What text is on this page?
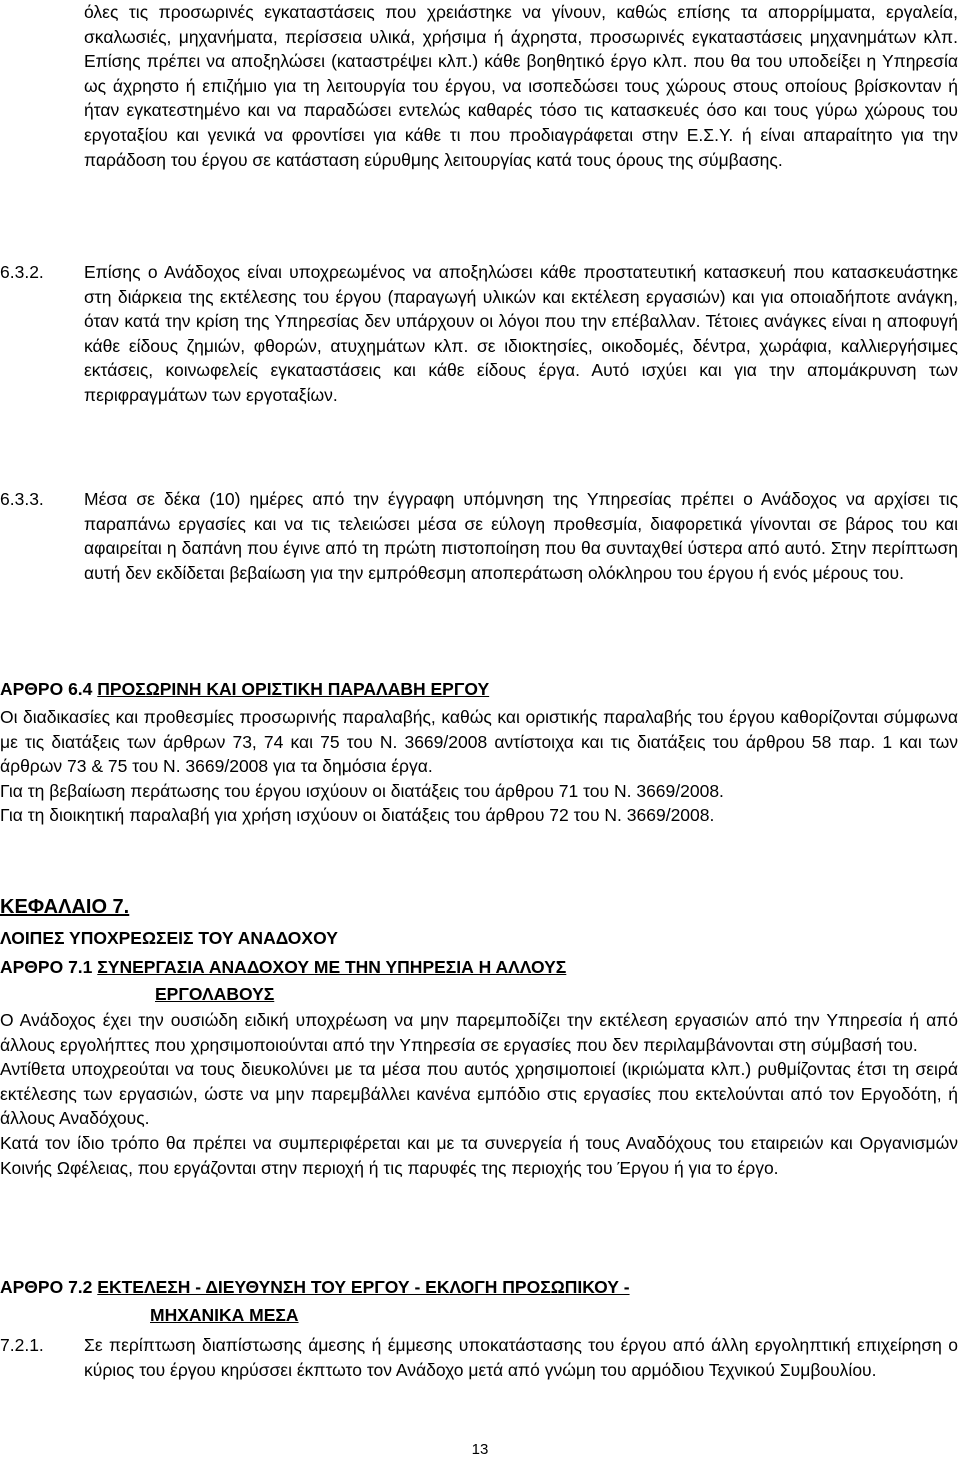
όλες τις προσωρινές εγκαταστάσεις που χρειάστηκε να γίνουν, καθώς επίσης τα απορρίμματα, εργαλεία, σκαλωσιές, μηχανήματα, περίσσεια υλικά, χρήσιμα ή άχρηστα, προσωρινές εγκαταστάσεις μηχανημάτων κλπ. Επίσης πρέπει να αποξηλώσει (καταστρέψει κλπ.) κάθε βοηθητικό έργο κλπ. που θα του υποδείξει η Υπηρεσία ως άχρηστο ή επιζήμιο για τη λειτουργία του έργου, να ισοπεδώσει τους χώρους στους οποίους βρίσκονταν ή ήταν εγκατεστημένο και να παραδώσει εντελώς καθαρές τόσο τις κατασκευές όσο και τους γύρω χώρους του εργοταξίου και γενικά να φροντίσει για κάθε τι που προδιαγράφεται στην Ε.Σ.Υ. ή είναι απαραίτητο για την παράδοση του έργου σε κατάσταση εύρυθμης λειτουργίας κατά τους όρους της σύμβασης.
6.3.2.	Επίσης ο Ανάδοχος είναι υποχρεωμένος να αποξηλώσει κάθε προστατευτική κατασκευή που κατασκευάστηκε στη διάρκεια της εκτέλεσης του έργου (παραγωγή υλικών και εκτέλεση εργασιών) και για οποιαδήποτε ανάγκη, όταν κατά την κρίση της Υπηρεσίας δεν υπάρχουν οι λόγοι που την επέβαλλαν. Τέτοιες ανάγκες είναι η αποφυγή κάθε είδους ζημιών, φθορών, ατυχημάτων κλπ. σε ιδιοκτησίες, οικοδομές, δέντρα, χωράφια, καλλιεργήσιμες εκτάσεις, κοινωφελείς εγκαταστάσεις και κάθε είδους έργα. Αυτό ισχύει και για την απομάκρυνση των περιφραγμάτων των εργοταξίων.
6.3.3.	Μέσα σε δέκα (10) ημέρες από την έγγραφη υπόμνηση της Υπηρεσίας πρέπει ο Ανάδοχος να αρχίσει τις παραπάνω εργασίες και να τις τελειώσει μέσα σε εύλογη προθεσμία, διαφορετικά γίνονται σε βάρος του και αφαιρείται η δαπάνη που έγινε από τη πρώτη πιστοποίηση που θα συνταχθεί ύστερα από αυτό. Στην περίπτωση αυτή δεν εκδίδεται βεβαίωση για την εμπρόθεσμη αποπεράτωση ολόκληρου του έργου ή ενός μέρους του.
ΑΡΘΡΟ 6.4 ΠΡΟΣΩΡΙΝΗ ΚΑΙ ΟΡΙΣΤΙΚΗ ΠΑΡΑΛΑΒΗ ΕΡΓΟΥ
Οι διαδικασίες και προθεσμίες προσωρινής παραλαβής, καθώς και οριστικής παραλαβής του έργου καθορίζονται σύμφωνα με τις διατάξεις των άρθρων 73, 74 και 75 του Ν. 3669/2008 αντίστοιχα και τις διατάξεις του άρθρου 58 παρ. 1 και των άρθρων 73 & 75 του Ν. 3669/2008 για τα δημόσια έργα.
Για τη βεβαίωση περάτωσης του έργου ισχύουν οι διατάξεις του άρθρου 71 του Ν. 3669/2008.
Για τη διοικητική παραλαβή για χρήση ισχύουν οι διατάξεις του άρθρου 72 του Ν. 3669/2008.
ΚΕΦΑΛΑΙΟ 7.
ΛΟΙΠΕΣ ΥΠΟΧΡΕΩΣΕΙΣ ΤΟΥ ΑΝΑΔΟΧΟΥ
ΑΡΘΡΟ 7.1 ΣΥΝΕΡΓΑΣΙΑ ΑΝΑΔΟΧΟΥ ΜΕ ΤΗΝ ΥΠΗΡΕΣΙΑ Η ΑΛΛΟΥΣ
ΕΡΓΟΛΑΒΟΥΣ
Ο Ανάδοχος έχει την ουσιώδη ειδική υποχρέωση να μην παρεμποδίζει την εκτέλεση εργασιών από την Υπηρεσία ή από άλλους εργολήπτες που χρησιμοποιούνται από την Υπηρεσία σε εργασίες που δεν περιλαμβάνονται στη σύμβασή του.
Αντίθετα υποχρεούται να τους διευκολύνει με τα μέσα που αυτός χρησιμοποιεί (ικριώματα κλπ.) ρυθμίζοντας έτσι τη σειρά εκτέλεσης των εργασιών, ώστε να μην παρεμβάλλει κανένα εμπόδιο στις εργασίες που εκτελούνται από τον Εργοδότη, ή άλλους Αναδόχους.
Κατά τον ίδιο τρόπο θα πρέπει να συμπεριφέρεται και με τα συνεργεία ή τους Αναδόχους του εταιρειών και Οργανισμών Κοινής Ωφέλειας, που εργάζονται στην περιοχή ή τις παρυφές της περιοχής του Έργου ή για το έργο.
ΑΡΘΡΟ 7.2 ΕΚΤΕΛΕΣΗ - ΔΙΕΥΘΥΝΣΗ ΤΟΥ ΕΡΓΟΥ - ΕΚΛΟΓΗ ΠΡΟΣΩΠΙΚΟΥ -
ΜΗΧΑΝΙΚΑ ΜΕΣΑ
7.2.1.	Σε περίπτωση διαπίστωσης άμεσης ή έμμεσης υποκατάστασης του έργου από άλλη εργοληπτική επιχείρηση ο κύριος του έργου κηρύσσει έκπτωτο τον Ανάδοχο μετά από γνώμη του αρμόδιου Τεχνικού Συμβουλίου.
13
